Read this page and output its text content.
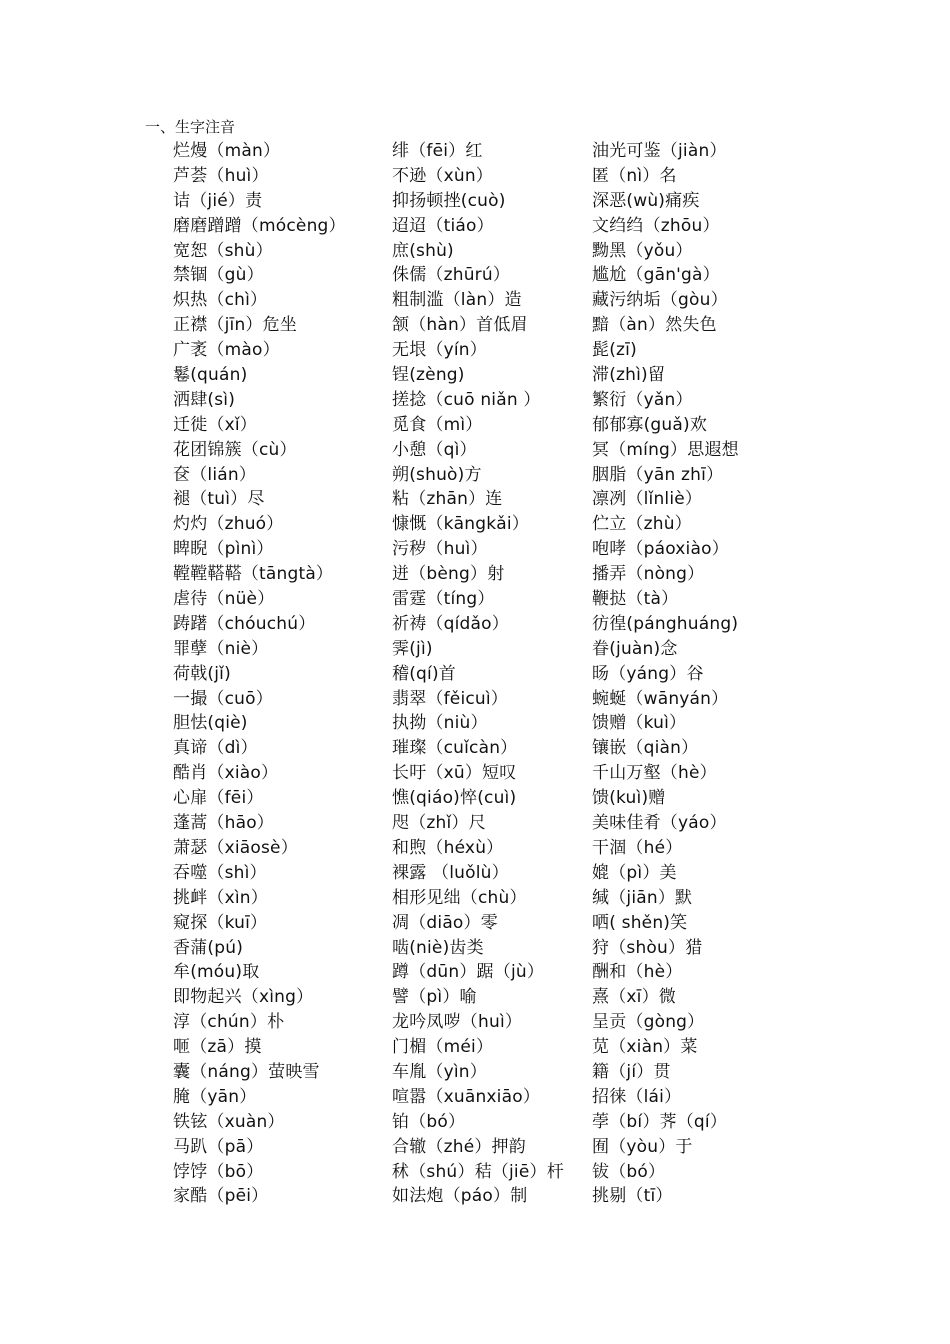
一、生字注音
烂熳（màn）
芦荟（huì）
诘（jié）责
磨磨蹭蹭（mócèng）
宽恕（shù）
禁锢（gù）
炽热（chì）
正襟（jīn）危坐
广袤（mào）
鬈(quán)
洒肆(sì)
迁徙（xǐ）
花团锦簇（cù）
奁（lián）
褪（tuì）尽
灼灼（zhuó）
睥睨（pìnì）
鞺鞺鞳鞳（tāngtà）
虐待（nüè）
踌躇（chóuchú）
罪孽（niè）
荷戟(jǐ)
一撮（cuō）
胆怯(qiè)
真谛（dì）
酷肖（xiào）
心扉（fēi）
蓬蒿（hāo）
萧瑟（xiāosè）
吞噬（shì）
挑衅（xìn）
窥探（kuī）
香蒲(pú)
牟(móu)取
即物起兴（xìng）
淳（chún）朴
咂（zā）摸
囊（náng）萤映雪
腌（yān）
铁铉（xuàn）
马趴（pā）
饽饽（bō）
家酷（pēi）
绯（fēi）红
不逊（xùn）
抑扬顿挫(cuò)
迢迢（tiáo）
庶(shù)
侏儒（zhūrú）
粗制滥（làn）造
颔（hàn）首低眉
无垠（yín）
锃(zèng)
搓捻（cuō niǎn ）
觅食（mì）
小憩（qì）
朔(shuò)方
粘（zhān）连
慷慨（kāngkǎi）
污秽（huì）
迸（bèng）射
雷霆（tíng）
祈祷（qídǎo）
霁(jì)
稽(qí)首
翡翠（fěicuì）
执拗（niù）
璀璨（cuǐcàn）
长吁（xū）短叹
憔(qiáo)悴(cuì)
咫（zhǐ）尺
和煦（héxù）
裸露 （luǒlù）
相形见绌（chù）
凋（diāo）零
啮(niè)齿类
蹲（dūn）踞（jù）
譬（pì）喻
龙吟凤哕（huì）
门楣（méi）
车胤（yìn）
喧嚣（xuānxiāo）
铂（bó）
合辙（zhé）押韵
秫（shú）秸（jiē）杆
如法炮（páo）制
油光可鉴（jiàn）
匿（nì）名
深恶(wù)痛疾
文绉绉（zhōu）
黝黑（yǒu）
尴尬（gān'gà）
藏污纳垢（gòu）
黯（àn）然失色
髭(zī)
滞(zhì)留
繁衍（yǎn）
郁郁寡(guǎ)欢
冥（míng）思遐想
胭脂（yān zhī）
凛冽（lǐnliè）
伫立（zhù）
咆哮（páoxiào）
播弄（nòng）
鞭挞（tà）
彷徨(pánghuáng)
眷(juàn)念
旸（yáng）谷
蜿蜒（wānyán）
馈赠（kuì）
镶嵌（qiàn）
千山万壑（hè）
馈(kuì)赠
美味佳肴（yáo）
干涸（hé）
媲（pì）美
缄（jiān）默
哂( shěn)笑
狩（shòu）猎
酬和（hè）
熹（xī）微
呈贡（gòng）
苋（xiàn）菜
籍（jí）贯
招徕（lái）
荸（bí）荠（qí）
囿（yòu）于
钹（bó）
挑剔（tī）
